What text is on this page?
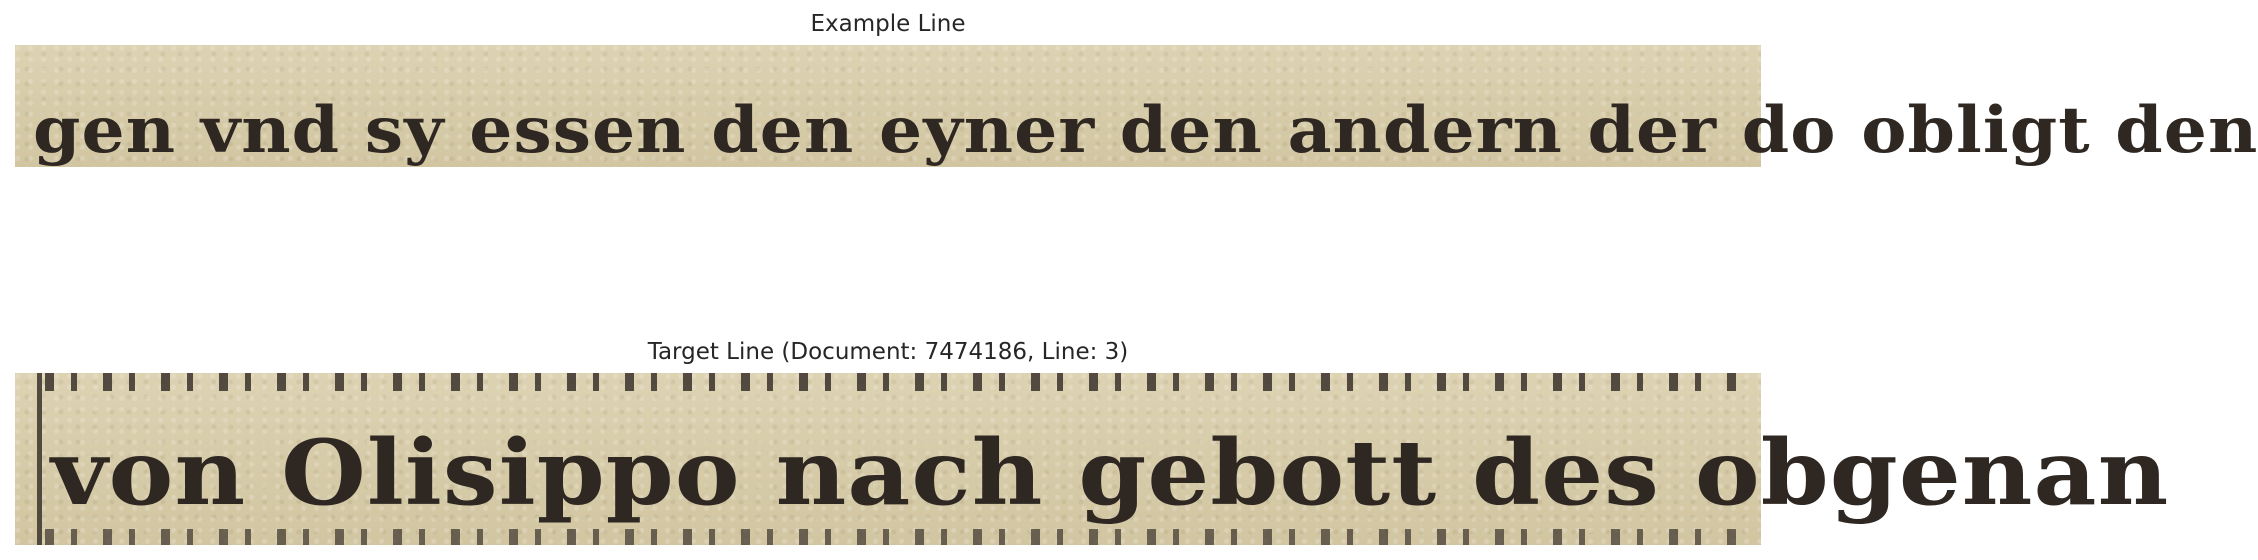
Example Line
gen vnd sy essen den eyner den andern der do obligt den
Target Line (Document: 7474186, Line: 3)
von Olisippo nach gebott des obgenan
